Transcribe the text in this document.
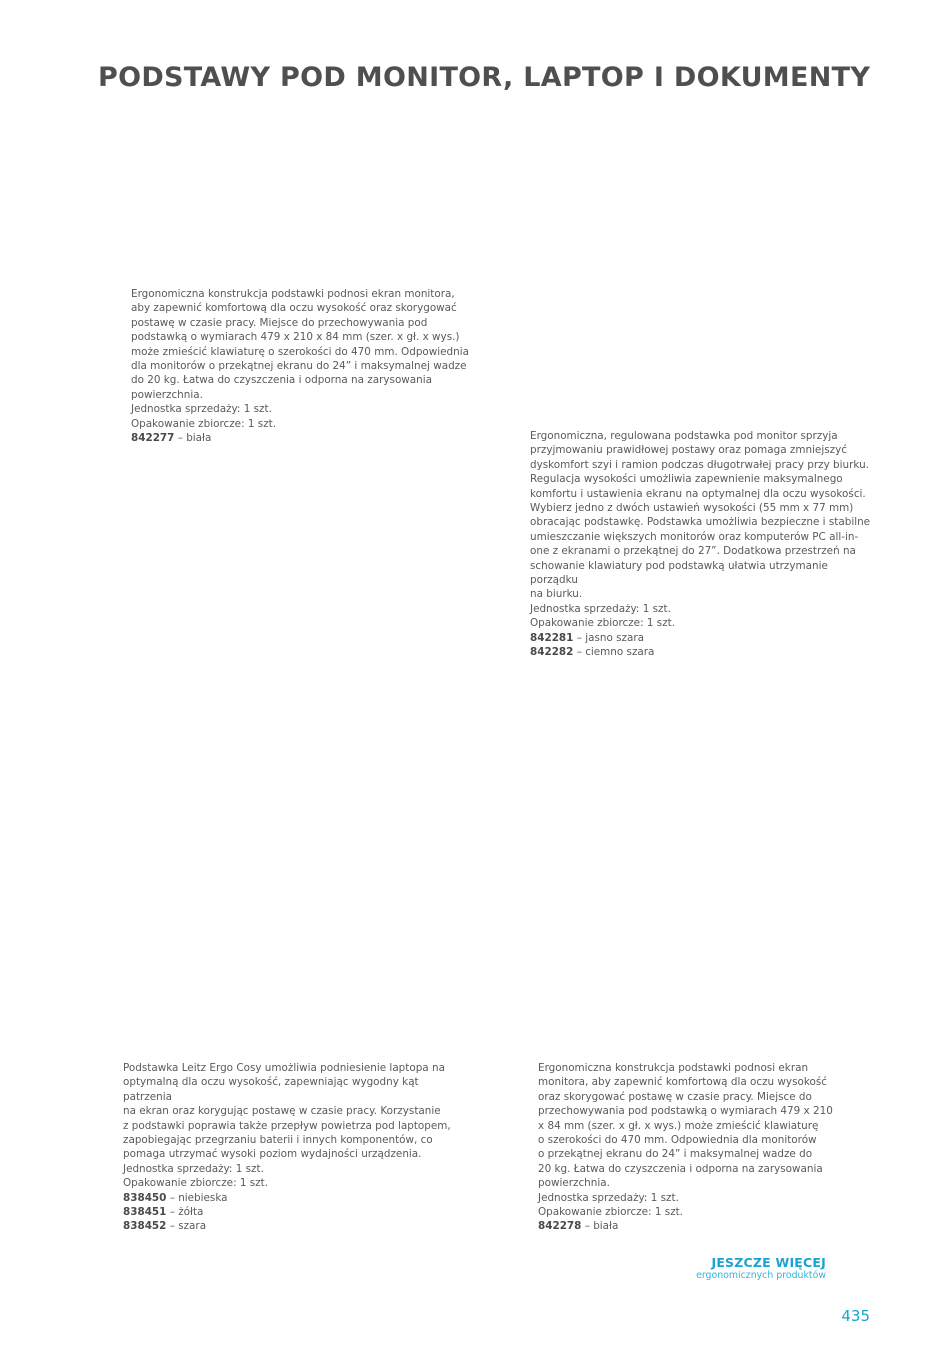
PODSTAWY POD MONITOR, LAPTOP I DOKUMENTY

Ergonomiczna konstrukcja podstawki podnosi ekran monitora,
aby zapewnić komfortową dla oczu wysokość oraz skorygować
postawę w czasie pracy. Miejsce do przechowywania pod
podstawką o wymiarach 479 x 210 x 84 mm (szer. x gł. x wys.)
może zmieścić klawiaturę o szerokości do 470 mm. Odpowiednia
dla monitorów o przekątnej ekranu do 24” i maksymalnej wadze
do 20 kg. Łatwa do czyszczenia i odporna na zarysowania
powierzchnia.

Jednostka sprzedaży: 1 szt.

Opakowanie zbiorcze: 1 szt.

842277 – biała	Ergonomiczna, regulowana podstawka pod monitor sprzyja
przyjmowaniu prawidłowej postawy oraz pomaga zmniejszyć
dyskomfort szyi i ramion podczas długotrwałej pracy przy biurku.
Regulacja wysokości umożliwia zapewnienie maksymalnego
komfortu i ustawienia ekranu na optymalnej dla oczu wysokości.
Wybierz jedno z dwóch ustawień wysokości (55 mm x 77 mm)
obracając podstawkę. Podstawka umożliwia bezpieczne i stabilne
umieszczanie większych monitorów oraz komputerów PC all-in-
one z ekranami o przekątnej do 27”. Dodatkowa przestrzeń na
schowanie klawiatury pod podstawką ułatwia utrzymanie porządku
na biurku.

Jednostka sprzedaży: 1 szt.

Opakowanie zbiorcze: 1 szt.

842281 – jasno szara

842282 – ciemno szara

Podstawka Leitz Ergo Cosy umożliwia podniesienie laptopa na
optymalną dla oczu wysokość, zapewniając wygodny kąt patrzenia
na ekran oraz korygując postawę w czasie pracy. Korzystanie
z podstawki poprawia także przepływ powietrza pod laptopem,
zapobiegając przegrzaniu baterii i innych komponentów, co
pomaga utrzymać wysoki poziom wydajności urządzenia.

Jednostka sprzedaży: 1 szt.

Opakowanie zbiorcze: 1 szt.

838450 – niebieska

838451 – żółta

838452 – szara

Ergonomiczna konstrukcja podstawki podnosi ekran
monitora, aby zapewnić komfortową dla oczu wysokość
oraz skorygować postawę w czasie pracy. Miejsce do
przechowywania pod podstawką o wymiarach 479 x 210
x 84 mm (szer. x gł. x wys.) może zmieścić klawiaturę
o szerokości do 470 mm. Odpowiednia dla monitorów
o przekątnej ekranu do 24” i maksymalnej wadze do
20 kg. Łatwa do czyszczenia i odporna na zarysowania
powierzchnia.

Jednostka sprzedaży: 1 szt.

Opakowanie zbiorcze: 1 szt.

842278 – biała

JESZCZE WIĘCEJ
ergonomicznych produktów
435
